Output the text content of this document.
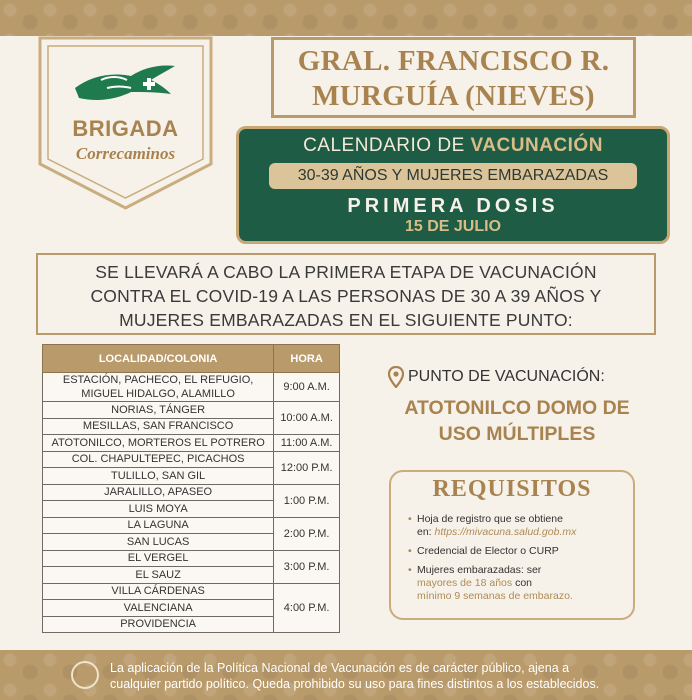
BRIGADA
Correcaminos
GRAL. FRANCISCO R.
MURGUÍA (NIEVES)
CALENDARIO DE VACUNACIÓN
30-39 AÑOS Y MUJERES EMBARAZADAS
PRIMERA DOSIS
15 DE JULIO
SE LLEVARÁ A CABO LA PRIMERA ETAPA DE VACUNACIÓN
CONTRA EL COVID-19 A LAS PERSONAS DE 30 A 39 AÑOS Y
MUJERES EMBARAZADAS EN EL SIGUIENTE PUNTO:
LOCALIDAD/COLONIA	HORA

ESTACIÓN, PACHECO, EL REFUGIO,
MIGUEL HIDALGO, ALAMILLO	9:00 A.M.
NORIAS, TÁNGER	10:00 A.M.
MESILLAS, SAN FRANCISCO	
ATOTONILCO, MORTEROS EL POTRERO	11:00 A.M.
COL. CHAPULTEPEC, PICACHOS	12:00 P.M.
TULILLO, SAN GIL	
JARALILLO, APASEO	1:00 P.M.
LUIS MOYA	
LA LAGUNA	2:00 P.M.
SAN LUCAS	
EL VERGEL	3:00 P.M.
EL SAUZ	
VILLA CÁRDENAS	4:00 P.M.
VALENCIANA	
PROVIDENCIA	
PUNTO DE VACUNACIÓN:
ATOTONILCO DOMO DE
USO MÚLTIPLES
REQUISITOS
• Hoja de registro que se obtiene
en: https://mivacuna.salud.gob.mx
• Credencial de Elector o CURP
• Mujeres embarazadas: ser
mayores de 18 años con
mínimo 9 semanas de embarazo.
La aplicación de la Política Nacional de Vacunación es de carácter público, ajena a
cualquier partido político. Queda prohibido su uso para fines distintos a los establecidos.
